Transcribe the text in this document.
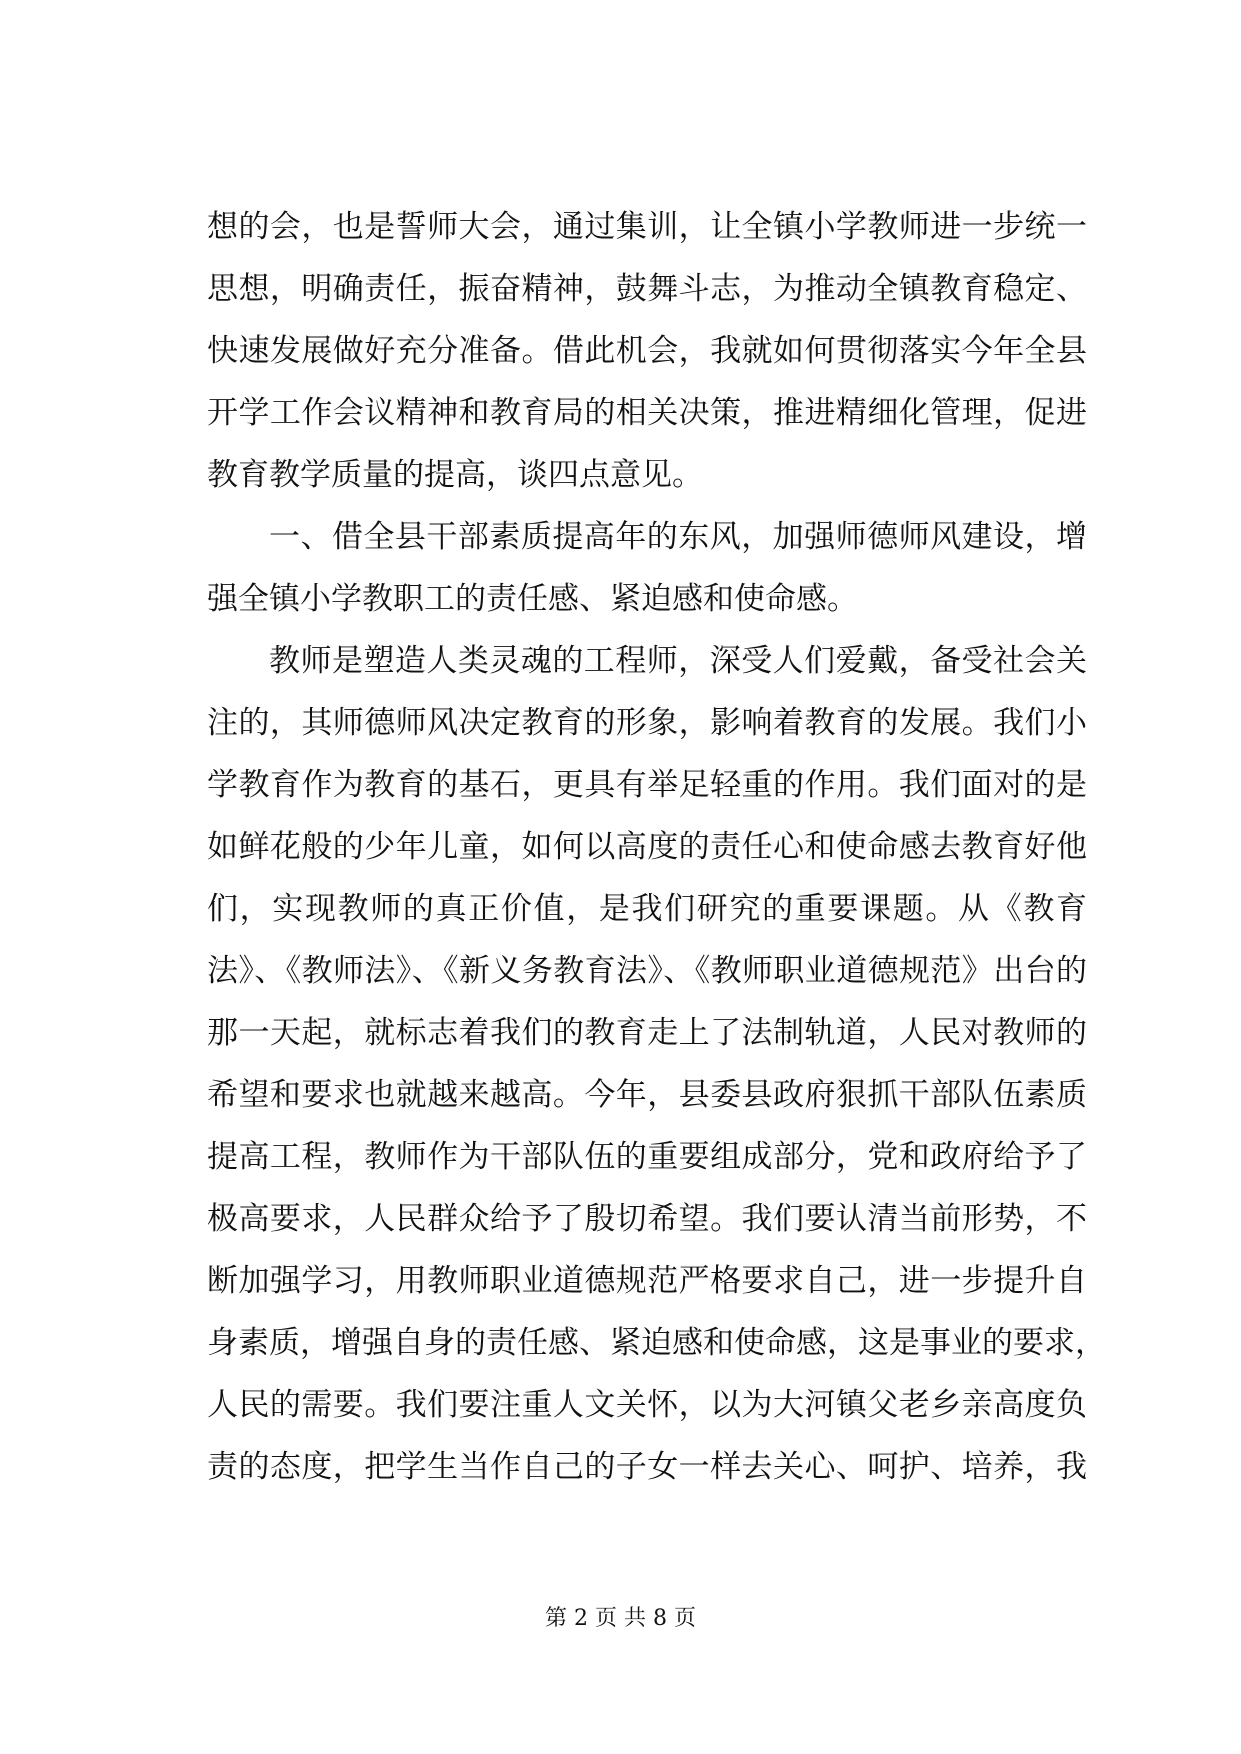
想的会，也是誓师大会，通过集训，让全镇小学教师进一步统一
思想，明确责任，振奋精神，鼓舞斗志，为推动全镇教育稳定、
快速发展做好充分准备。借此机会，我就如何贯彻落实今年全县
开学工作会议精神和教育局的相关决策，推进精细化管理，促进
教育教学质量的提高，谈四点意见。
一、借全县干部素质提高年的东风，加强师德师风建设，增
强全镇小学教职工的责任感、紧迫感和使命感。
教师是塑造人类灵魂的工程师，深受人们爱戴，备受社会关
注的，其师德师风决定教育的形象，影响着教育的发展。我们小
学教育作为教育的基石，更具有举足轻重的作用。我们面对的是
如鲜花般的少年儿童，如何以高度的责任心和使命感去教育好他
们，实现教师的真正价值，是我们研究的重要课题。从《教育
法》、《教师法》、《新义务教育法》、《教师职业道德规范》出台的
那一天起，就标志着我们的教育走上了法制轨道，人民对教师的
希望和要求也就越来越高。今年，县委县政府狠抓干部队伍素质
提高工程，教师作为干部队伍的重要组成部分，党和政府给予了
极高要求，人民群众给予了殷切希望。我们要认清当前形势，不
断加强学习，用教师职业道德规范严格要求自己，进一步提升自
身素质，增强自身的责任感、紧迫感和使命感，这是事业的要求，
人民的需要。我们要注重人文关怀，以为大河镇父老乡亲高度负
责的态度，把学生当作自己的子女一样去关心、呵护、培养，我
第 2 页 共 8 页
